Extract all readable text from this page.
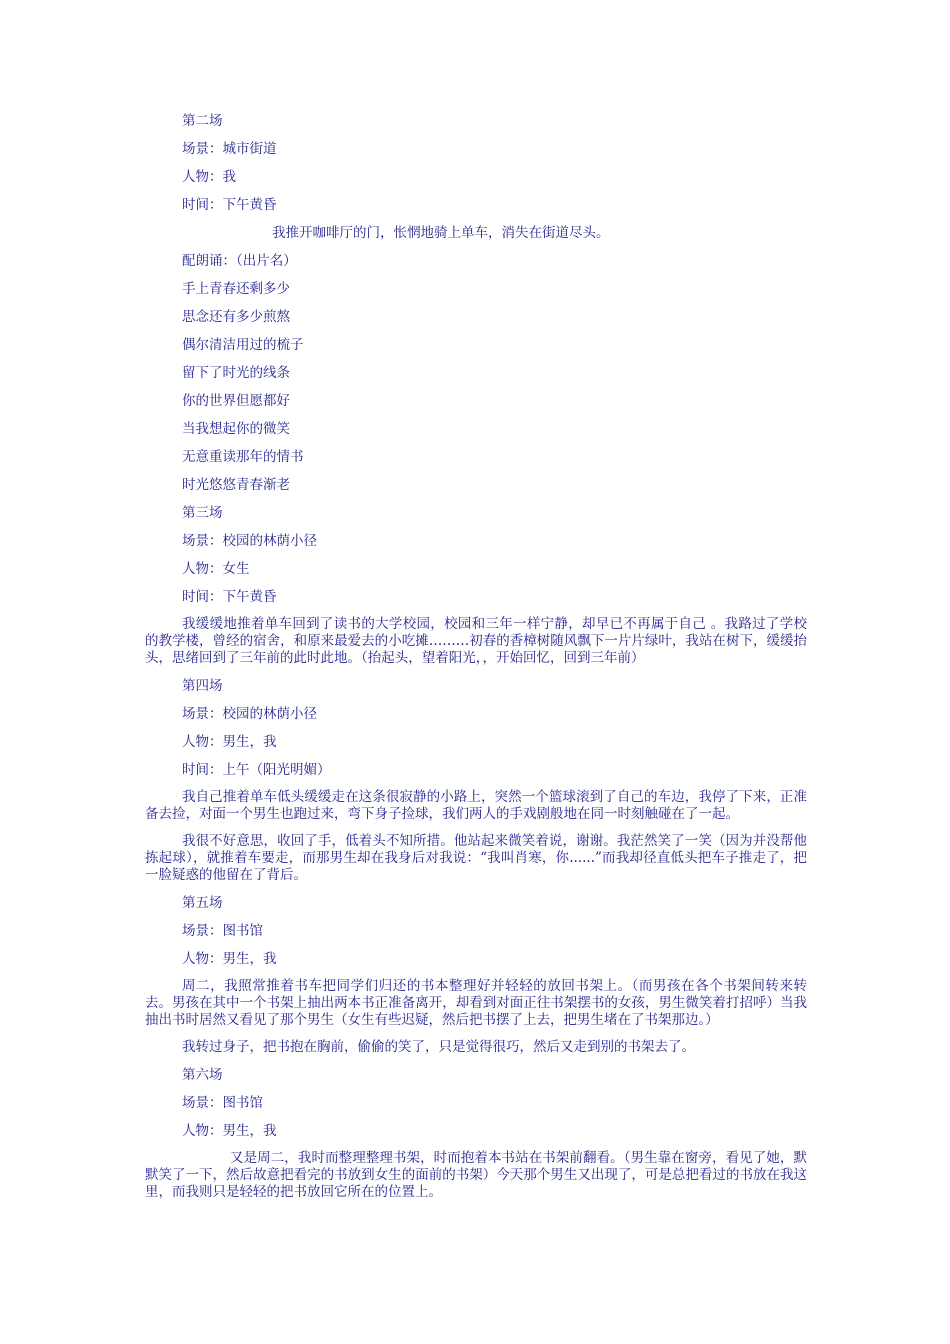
第二场
场景：城市街道
人物：我
时间：下午黄昏
我推开咖啡厅的门，怅惘地骑上单车，消失在街道尽头。
配朗诵：（出片名）
手上青春还剩多少
思念还有多少煎熬
偶尔清洁用过的梳子
留下了时光的线条
你的世界但愿都好
当我想起你的微笑
无意重读那年的情书
时光悠悠青春渐老
第三场
场景：校园的林荫小径
人物：女生
时间：下午黄昏

我缓缓地推着单车回到了读书的大学校园，校园和三年一样宁静，却早已不再属于自己 。我路过了学校的教学楼，曾经的宿舍，和原来最爱去的小吃摊………初春的香樟树随风飘下一片片绿叶，我站在树下，缓缓抬头，思绪回到了三年前的此时此地。（抬起头，望着阳光，，开始回忆，回到三年前）

第四场
场景：校园的林荫小径
人物：男生，我
时间：上午（阳光明媚）

我自己推着单车低头缓缓走在这条很寂静的小路上，突然一个篮球滚到了自己的车边，我停了下来，正准备去捡，对面一个男生也跑过来，弯下身子捡球，我们两人的手戏剧般地在同一时刻触碰在了一起。

我很不好意思，收回了手，低着头不知所措。他站起来微笑着说，谢谢。我茫然笑了一笑（因为并没帮他拣起球），就推着车要走，而那男生却在我身后对我说：“我叫肖寒，你......”而我却径直低头把车子推走了，把一脸疑惑的他留在了背后。

第五场
场景：图书馆
人物：男生，我

周二，我照常推着书车把同学们归还的书本整理好并轻轻的放回书架上。（而男孩在各个书架间转来转去。男孩在其中一个书架上抽出两本书正准备离开，却看到对面正往书架摆书的女孩，男生微笑着打招呼）当我抽出书时居然又看见了那个男生（女生有些迟疑，然后把书摆了上去，把男生堵在了书架那边。）

我转过身子，把书抱在胸前，偷偷的笑了，只是觉得很巧，然后又走到别的书架去了。

第六场
场景：图书馆
人物：男生，我

又是周二，我时而整理整理书架，时而抱着本书站在书架前翻看。（男生靠在窗旁，看见了她，默默笑了一下，然后故意把看完的书放到女生的面前的书架）今天那个男生又出现了，可是总把看过的书放在我这里，而我则只是轻轻的把书放回它所在的位置上。
